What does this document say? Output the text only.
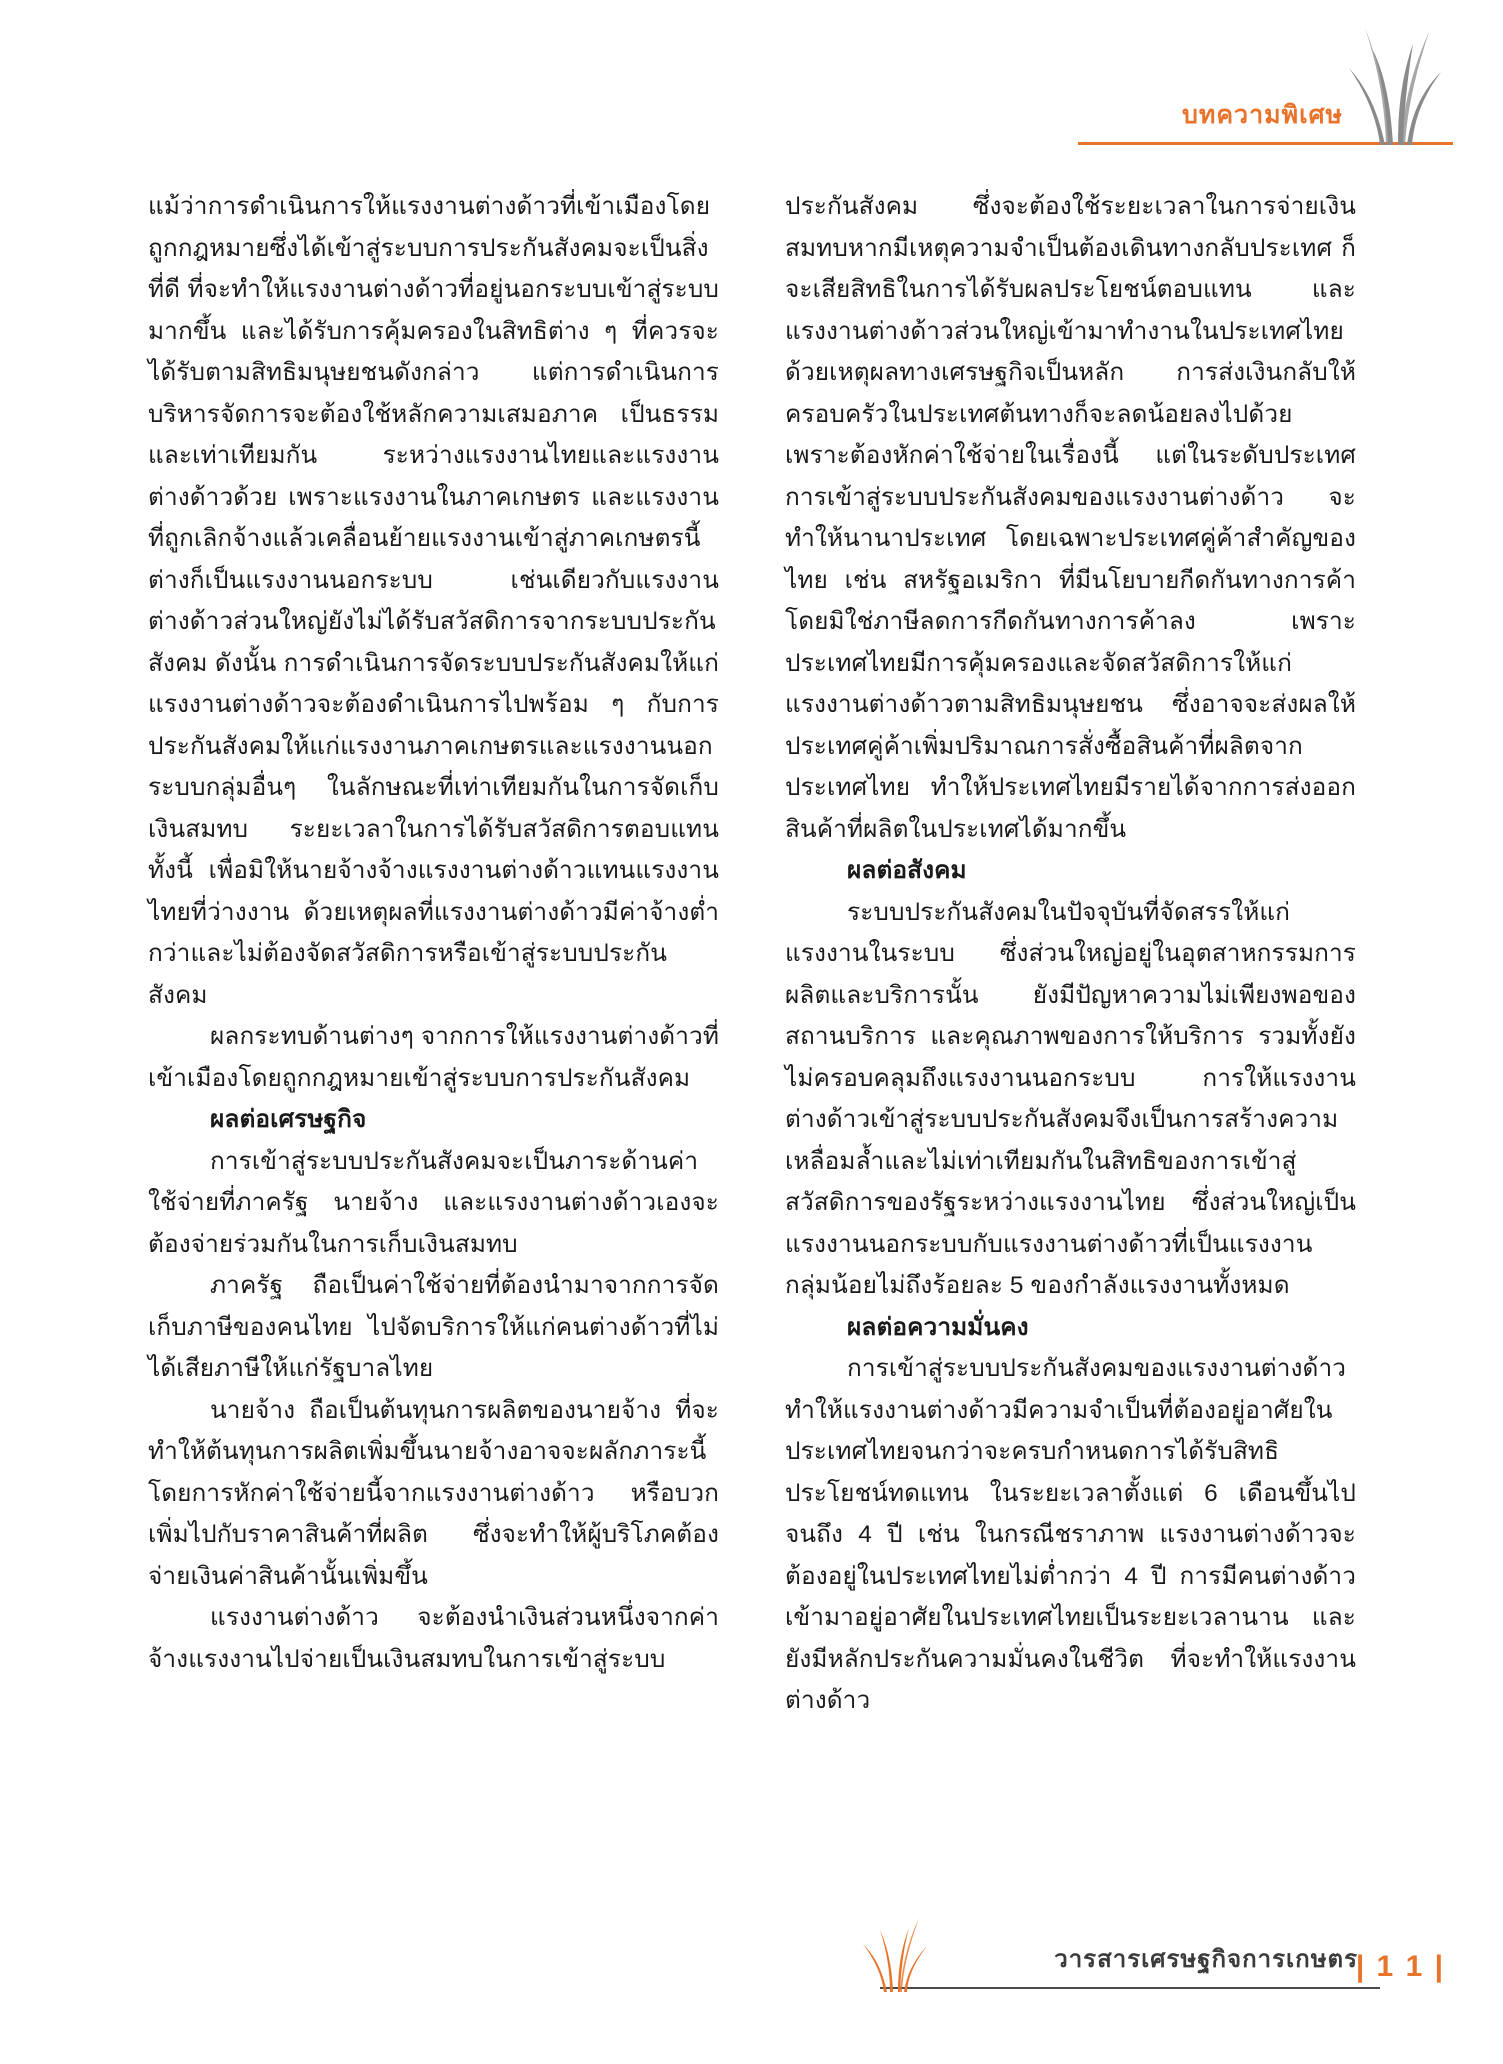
บทความพิเศษ

แม้ว่าการดำเนินการให้แรงงานต่างด้าวที่เข้าเมืองโดยถูกกฎหมายซึ่งได้เข้าสู่ระบบการประกันสังคมจะเป็นสิ่งที่ดี ที่จะทำให้แรงงานต่างด้าวที่อยู่นอกระบบเข้าสู่ระบบมากขึ้น และได้รับการคุ้มครองในสิทธิต่าง ๆ ที่ควรจะได้รับตามสิทธิมนุษยชนดังกล่าว แต่การดำเนินการบริหารจัดการจะต้องใช้หลักความเสมอภาค เป็นธรรม และเท่าเทียมกัน ระหว่างแรงงานไทยและแรงงานต่างด้าวด้วย เพราะแรงงานในภาคเกษตร และแรงงานที่ถูกเลิกจ้างแล้วเคลื่อนย้ายแรงงานเข้าสู่ภาคเกษตรนี้ต่างก็เป็นแรงงานนอกระบบ เช่นเดียวกับแรงงานต่างด้าวส่วนใหญ่ยังไม่ได้รับสวัสดิการจากระบบประกันสังคม ดังนั้น การดำเนินการจัดระบบประกันสังคมให้แก่แรงงานต่างด้าวจะต้องดำเนินการไปพร้อม ๆ กับการประกันสังคมให้แก่แรงงานภาคเกษตรและแรงงานนอกระบบกลุ่มอื่นๆ ในลักษณะที่เท่าเทียมกันในการจัดเก็บเงินสมทบ ระยะเวลาในการได้รับสวัสดิการตอบแทน ทั้งนี้ เพื่อมิให้นายจ้างจ้างแรงงานต่างด้าวแทนแรงงานไทยที่ว่างงาน ด้วยเหตุผลที่แรงงานต่างด้าวมีค่าจ้างต่ำกว่าและไม่ต้องจัดสวัสดิการหรือเข้าสู่ระบบประกันสังคม

ผลกระทบด้านต่างๆ จากการให้แรงงานต่างด้าวที่เข้าเมืองโดยถูกกฎหมายเข้าสู่ระบบการประกันสังคม

ผลต่อเศรษฐกิจ

การเข้าสู่ระบบประกันสังคมจะเป็นภาระด้านค่าใช้จ่ายที่ภาครัฐ นายจ้าง และแรงงานต่างด้าวเองจะต้องจ่ายร่วมกันในการเก็บเงินสมทบ

ภาครัฐ ถือเป็นค่าใช้จ่ายที่ต้องนำมาจากการจัดเก็บภาษีของคนไทย ไปจัดบริการให้แก่คนต่างด้าวที่ไม่ได้เสียภาษีให้แก่รัฐบาลไทย

นายจ้าง ถือเป็นต้นทุนการผลิตของนายจ้าง ที่จะทำให้ต้นทุนการผลิตเพิ่มขึ้นนายจ้างอาจจะผลักภาระนี้โดยการหักค่าใช้จ่ายนี้จากแรงงานต่างด้าว หรือบวกเพิ่มไปกับราคาสินค้าที่ผลิต ซึ่งจะทำให้ผู้บริโภคต้องจ่ายเงินค่าสินค้านั้นเพิ่มขึ้น

แรงงานต่างด้าว จะต้องนำเงินส่วนหนึ่งจากค่าจ้างแรงงานไปจ่ายเป็นเงินสมทบในการเข้าสู่ระบบ

ประกันสังคม ซึ่งจะต้องใช้ระยะเวลาในการจ่ายเงินสมทบหากมีเหตุความจำเป็นต้องเดินทางกลับประเทศ ก็จะเสียสิทธิในการได้รับผลประโยชน์ตอบแทน และแรงงานต่างด้าวส่วนใหญ่เข้ามาทำงานในประเทศไทยด้วยเหตุผลทางเศรษฐกิจเป็นหลัก การส่งเงินกลับให้ครอบครัวในประเทศต้นทางก็จะลดน้อยลงไปด้วยเพราะต้องหักค่าใช้จ่ายในเรื่องนี้ แต่ในระดับประเทศการเข้าสู่ระบบประกันสังคมของแรงงานต่างด้าว จะทำให้นานาประเทศ โดยเฉพาะประเทศคู่ค้าสำคัญของไทย เช่น สหรัฐอเมริกา ที่มีนโยบายกีดกันทางการค้าโดยมิใช่ภาษีลดการกีดกันทางการค้าลง เพราะประเทศไทยมีการคุ้มครองและจัดสวัสดิการให้แก่แรงงานต่างด้าวตามสิทธิมนุษยชน ซึ่งอาจจะส่งผลให้ประเทศคู่ค้าเพิ่มปริมาณการสั่งซื้อสินค้าที่ผลิตจากประเทศไทย ทำให้ประเทศไทยมีรายได้จากการส่งออกสินค้าที่ผลิตในประเทศได้มากขึ้น

ผลต่อสังคม

ระบบประกันสังคมในปัจจุบันที่จัดสรรให้แก่แรงงานในระบบ ซึ่งส่วนใหญ่อยู่ในอุตสาหกรรมการผลิตและบริการนั้น ยังมีปัญหาความไม่เพียงพอของสถานบริการ และคุณภาพของการให้บริการ รวมทั้งยังไม่ครอบคลุมถึงแรงงานนอกระบบ การให้แรงงานต่างด้าวเข้าสู่ระบบประกันสังคมจึงเป็นการสร้างความเหลื่อมล้ำและไม่เท่าเทียมกันในสิทธิของการเข้าสู่สวัสดิการของรัฐระหว่างแรงงานไทย ซึ่งส่วนใหญ่เป็นแรงงานนอกระบบกับแรงงานต่างด้าวที่เป็นแรงงานกลุ่มน้อยไม่ถึงร้อยละ 5 ของกำลังแรงงานทั้งหมด

ผลต่อความมั่นคง

การเข้าสู่ระบบประกันสังคมของแรงงานต่างด้าวทำให้แรงงานต่างด้าวมีความจำเป็นที่ต้องอยู่อาศัยในประเทศไทยจนกว่าจะครบกำหนดการได้รับสิทธิประโยชน์ทดแทน ในระยะเวลาตั้งแต่ 6 เดือนขึ้นไปจนถึง 4 ปี เช่น ในกรณีชราภาพ แรงงานต่างด้าวจะต้องอยู่ในประเทศไทยไม่ต่ำกว่า 4 ปี การมีคนต่างด้าวเข้ามาอยู่อาศัยในประเทศไทยเป็นระยะเวลานาน และยังมีหลักประกันความมั่นคงในชีวิต ที่จะทำให้แรงงานต่างด้าว

วารสารเศรษฐกิจการเกษตร
| 1 1 |
